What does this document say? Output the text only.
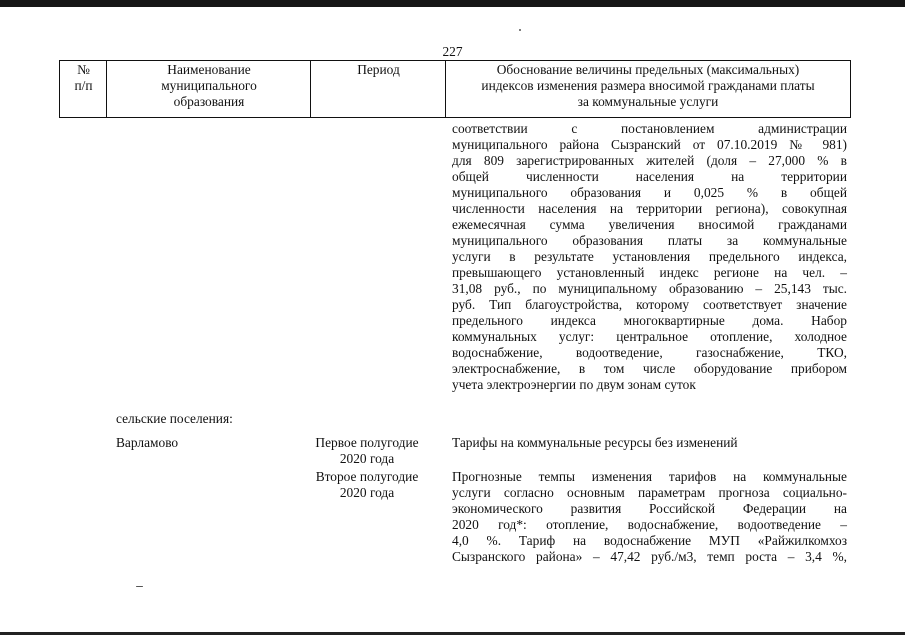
227
№
п/п
Наименование
муниципального
образования
Период	Обоснование величины предельных (максимальных)
индексов изменения размера вносимой гражданами платы
за коммунальные услуги
соответствии с постановлением администрации
муниципального района Сызранский от 07.10.2019 № 981)
для 809 зарегистрированных жителей (доля – 27,000 % в
общей численности населения на территории
муниципального образования и 0,025 % в общей
численности населения на территории региона), совокупная
ежемесячная сумма увеличения вносимой гражданами
муниципального образования платы за коммунальные
услуги в результате установления предельного индекса,
превышающего установленный индекс регионе на чел. –
31,08 руб., по муниципальному образованию – 25,143 тыс.
руб. Тип благоустройства, которому соответствует значение
предельного индекса многоквартирные дома. Набор
коммунальных услуг: центральное отопление, холодное
водоснабжение, водоотведение, газоснабжение, ТКО,
электроснабжение, в том числе оборудование прибором
учета электроэнергии по двум зонам суток
сельские поселения:
Варламово	Первое полугодие
2020 года
Второе полугодие
2020 года
Тарифы на коммунальные ресурсы без изменений
Прогнозные темпы изменения тарифов на коммунальные
услуги согласно основным параметрам прогноза социально-
экономического развития Российской Федерации на
2020 год*: отопление, водоснабжение, водоотведение –
4,0 %. Тариф на водоснабжение МУП «Райжилкомхоз
Сызранского района» – 47,42 руб./м3, темп роста – 3,4 %,
